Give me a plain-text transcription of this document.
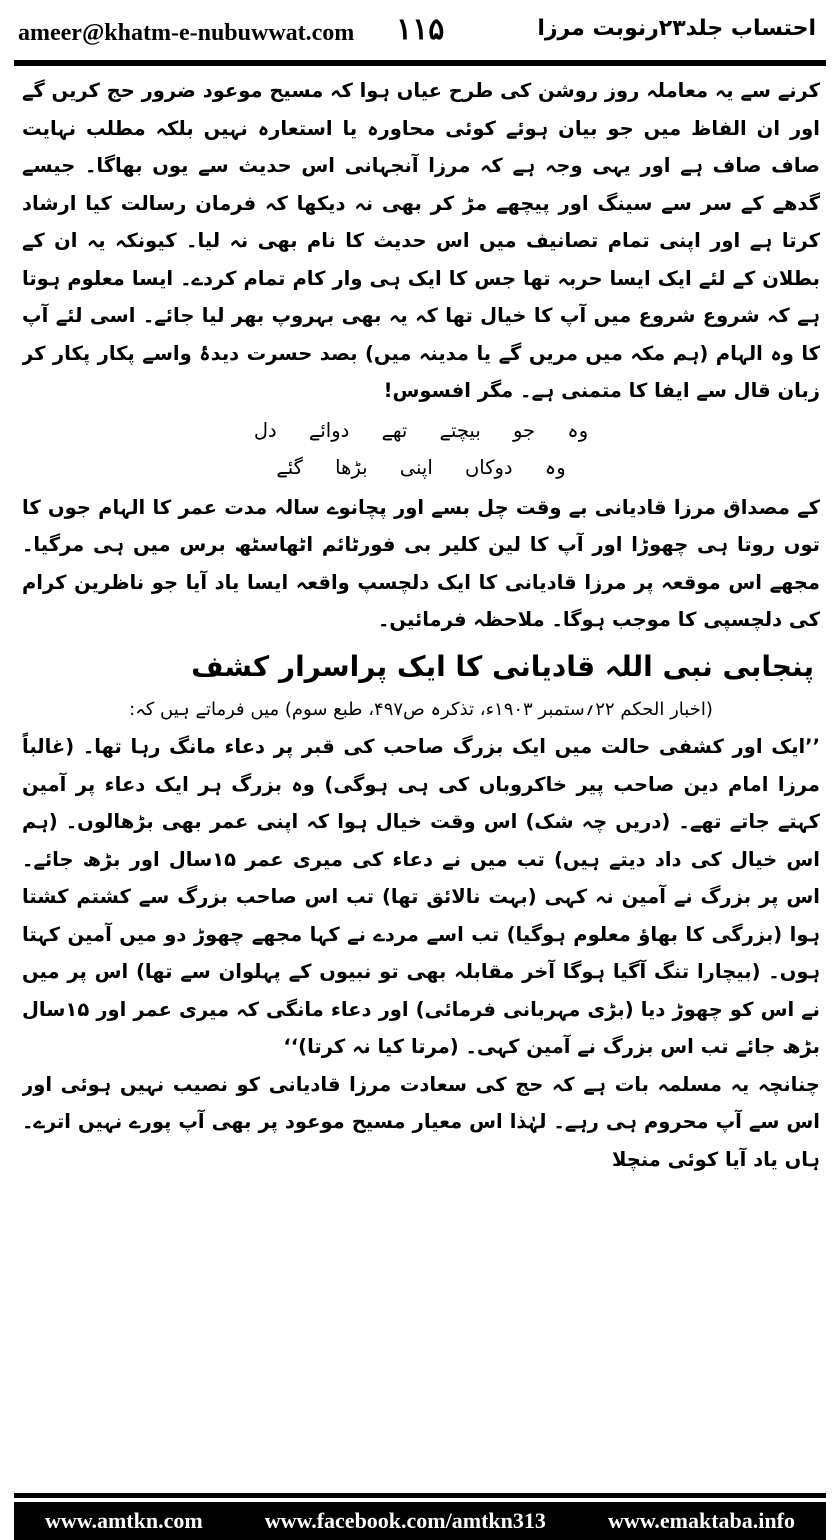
ameer@khatm-e-nubuwwat.com ۱۱۵	احتساب جلد۲۳رنوبت مرزا

کرنے سے یہ معاملہ روز روشن کی طرح عیاں ہوا کہ مسیح موعود ضرور حج کریں گے اور ان الفاظ میں جو بیان ہوئے کوئی محاورہ یا استعارہ نہیں بلکہ مطلب نہایت صاف صاف ہے اور یہی وجہ ہے کہ مرزا آنجہانی اس حدیث سے یوں بھاگا۔ جیسے گدھے کے سر سے سینگ اور پیچھے مڑ کر بھی نہ دیکھا کہ فرمان رسالت کیا ارشاد کرتا ہے اور اپنی تمام تصانیف میں اس حدیث کا نام بھی نہ لیا۔ کیونکہ یہ ان کے بطلان کے لئے ایک ایسا حربہ تھا جس کا ایک ہی وار کام تمام کردے۔ ایسا معلوم ہوتا ہے کہ شروع شروع میں آپ کا خیال تھا کہ یہ بھی بہروپ بھر لیا جائے۔ اسی لئے آپ کا وہ الہام (ہم مکہ میں مریں گے یا مدینہ میں) بصد حسرت دیدۂ واسے پکار پکار کر زبان قال سے ایفا کا متمنی ہے۔ مگر افسوس!

وہ جو بیچتے تھے دوائے دل
وہ دوکاں اپنی بڑھا گئے

کے مصداق مرزا قادیانی بے وقت چل بسے اور پچانوے سالہ مدت عمر کا الہام جوں کا توں روتا ہی چھوڑا اور آپ کا لین کلیر بی فورٹائم اٹھاسٹھ برس میں ہی مرگیا۔ مجھے اس موقعہ پر مرزا قادیانی کا ایک دلچسپ واقعہ ایسا یاد آیا جو ناظرین کرام کی دلچسپی کا موجب ہوگا۔ ملاحظہ فرمائیں۔

پنجابی نبی اللہ قادیانی کا ایک پراسرار کشف

(اخبار الحکم ۲۲؍ستمبر ۱۹۰۳ء، تذکرہ ص۴۹۷، طبع سوم) میں فرماتے ہیں کہ:

’’ایک اور کشفی حالت میں ایک بزرگ صاحب کی قبر پر دعاء مانگ رہا تھا۔ (غالباً مرزا امام دین صاحب پیر خاکروباں کی ہی ہوگی) وہ بزرگ ہر ایک دعاء پر آمین کہتے جاتے تھے۔ (دریں چہ شک) اس وقت خیال ہوا کہ اپنی عمر بھی بڑھالوں۔ (ہم اس خیال کی داد دیتے ہیں) تب میں نے دعاء کی میری عمر ۱۵سال اور بڑھ جائے۔ اس پر بزرگ نے آمین نہ کہی (بہت نالائق تھا) تب اس صاحب بزرگ سے کشتم کشتا ہوا (بزرگی کا بھاؤ معلوم ہوگیا) تب اسے مردے نے کہا مجھے چھوڑ دو میں آمین کہتا ہوں۔ (بیچارا تنگ آگیا ہوگا آخر مقابلہ بھی تو نبیوں کے پہلوان سے تھا) اس پر میں نے اس کو چھوڑ دیا (بڑی مہربانی فرمائی) اور دعاء مانگی کہ میری عمر اور ۱۵سال بڑھ جائے تب اس بزرگ نے آمین کہی۔ (مرتا کیا نہ کرتا)‘‘

چنانچہ یہ مسلمہ بات ہے کہ حج کی سعادت مرزا قادیانی کو نصیب نہیں ہوئی اور اس سے آپ محروم ہی رہے۔ لہٰذا اس معیار مسیح موعود پر بھی آپ پورے نہیں اترے۔ ہاں یاد آیا کوئی منچلا

www.amtkn.com	www.facebook.com/amtkn313	www.emaktaba.info
